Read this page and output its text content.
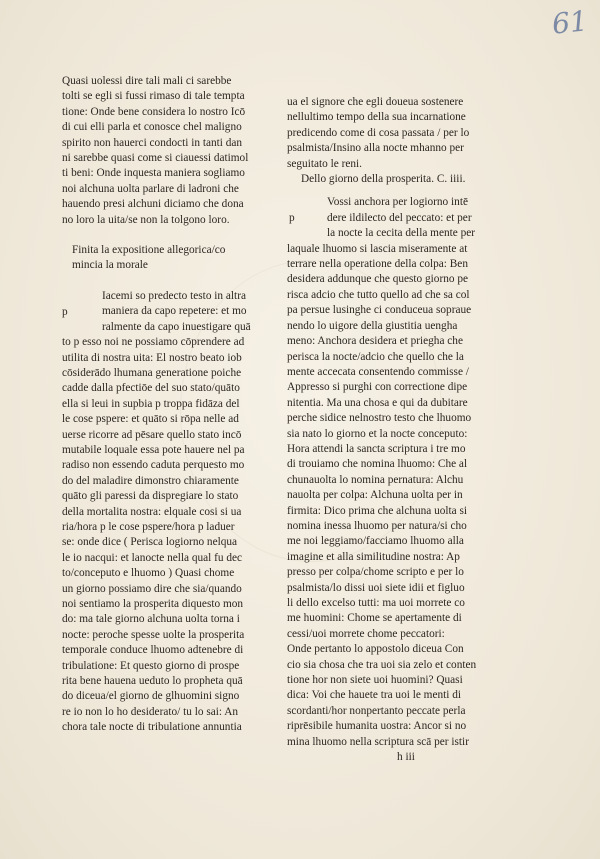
61

Quasi uolessi dire tali mali ci sarebbe

tolti se egli si fussi rimaso di tale tempta

tione: Onde bene considera lo nostro Icō

di cui elli parla et conosce chel maligno

spirito non hauerci condocti in tanti dan

ni sarebbe quasi come si ciauessi datimol

ti beni: Onde inquesta maniera sogliamo

noi alchuna uolta parlare di ladroni che

hauendo presi alchuni diciamo che dona

no loro la uita/se non la tolgono loro.

Finita la expositione allegorica/co

mincia la morale

p

Iacemi so predecto testo in altra

maniera da capo repetere: et mo

ralmente da capo inuestigare quā

to p esso noi ne possiamo cōprendere ad

utilita di nostra uita: El nostro beato iob

cōsiderādo lhumana generatione poiche

cadde dalla pfectiōe del suo stato/quāto

ella si leui in supbia p troppa fidāza del

le cose pspere: et quāto si rōpa nelle ad

uerse ricorre ad pēsare quello stato incō

mutabile loquale essa pote hauere nel pa

radiso non essendo caduta perquesto mo

do del maladire dimonstro chiaramente

quāto gli paressi da dispregiare lo stato

della mortalita nostra: elquale cosi si ua

ria/hora p le cose pspere/hora p laduer

se: onde dice ( Perisca logiorno nelqua

le io nacqui: et lanocte nella qual fu dec

to/conceputo e lhuomo ) Quasi chome

un giorno possiamo dire che sia/quando

noi sentiamo la prosperita diquesto mon

do: ma tale giorno alchuna uolta torna i

nocte: peroche spesse uolte la prosperita

temporale conduce lhuomo adtenebre di

tribulatione: Et questo giorno di prospe

rita bene hauena ueduto lo propheta quā

do diceua/el giorno de glhuomini signo

re io non lo ho desiderato/ tu lo sai: An

chora tale nocte di tribulatione annuntia

ua el signore che egli doueua sostenere

nellultimo tempo della sua incarnatione

predicendo come di cosa passata / per lo

psalmista/Insino alla nocte mhanno per

seguitato le reni.

Dello giorno della prosperita. C. iiii.

p

Vossi anchora per logiorno intē

dere ildilecto del peccato: et per

la nocte la cecita della mente per

laquale lhuomo si lascia miseramente at

terrare nella operatione della colpa: Ben

desidera addunque che questo giorno pe

risca adcio che tutto quello ad che sa col

pa persue lusinghe ci conduceua sopraue

nendo lo uigore della giustitia uengha

meno: Anchora desidera et priegha che

perisca la nocte/adcio che quello che la

mente accecata consentendo commisse /

Appresso si purghi con correctione dipe

nitentia. Ma una chosa e qui da dubitare

perche sidice nelnostro testo che lhuomo

sia nato lo giorno et la nocte conceputo:

Hora attendi la sancta scriptura i tre mo

di trouiamo che nomina lhuomo: Che al

chunauolta lo nomina pernatura: Alchu

nauolta per colpa: Alchuna uolta per in

firmita: Dico prima che alchuna uolta si

nomina inessa lhuomo per natura/si cho

me noi leggiamo/facciamo lhuomo alla

imagine et alla similitudine nostra: Ap

presso per colpa/chome scripto e per lo

psalmista/lo dissi uoi siete idii et figluo

li dello excelso tutti: ma uoi morrete co

me huomini: Chome se apertamente di

cessi/uoi morrete chome peccatori:

Onde pertanto lo appostolo diceua Con

cio sia chosa che tra uoi sia zelo et conten

tione hor non siete uoi huomini? Quasi

dica: Voi che hauete tra uoi le menti di

scordanti/hor nonpertanto peccate perla

riprēsibile humanita uostra: Ancor si no

mina lhuomo nella scriptura scā per istir

h iii
